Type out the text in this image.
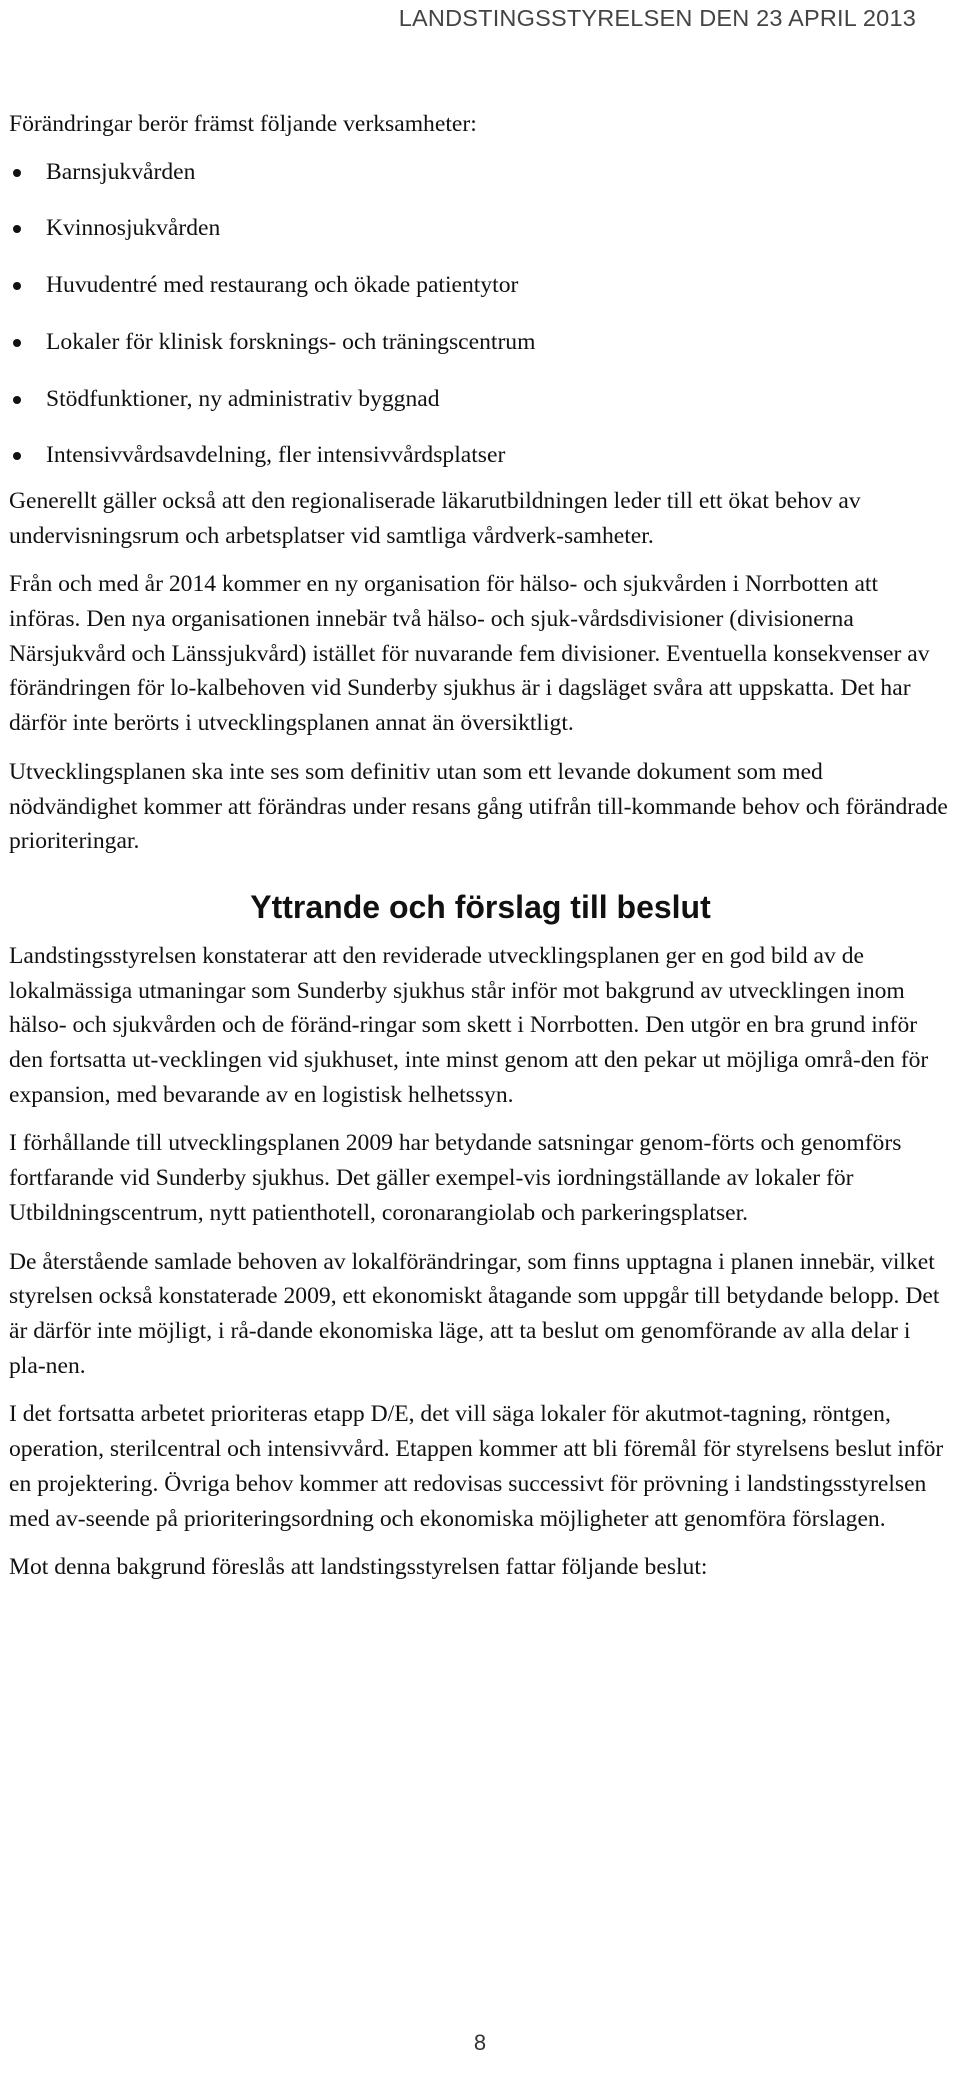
LANDSTINGSSTYRELSEN DEN 23 APRIL 2013

Förändringar berör främst följande verksamheter:

Barnsjukvården
Kvinnosjukvården
Huvudentré med restaurang och ökade patientytor
Lokaler för klinisk forsknings- och träningscentrum
Stödfunktioner, ny administrativ byggnad
Intensivvårdsavdelning, fler intensivvårdsplatser

Generellt gäller också att den regionaliserade läkarutbildningen leder till ett ökat behov av undervisningsrum och arbetsplatser vid samtliga vårdverk-samheter.

Från och med år 2014 kommer en ny organisation för hälso- och sjukvården i Norrbotten att införas. Den nya organisationen innebär två hälso- och sjuk-vårdsdivisioner (divisionerna Närsjukvård och Länssjukvård) istället för nuvarande fem divisioner. Eventuella konsekvenser av förändringen för lo-kalbehoven vid Sunderby sjukhus är i dagsläget svåra att uppskatta. Det har därför inte berörts i utvecklingsplanen annat än översiktligt.

Utvecklingsplanen ska inte ses som definitiv utan som ett levande dokument som med nödvändighet kommer att förändras under resans gång utifrån till-kommande behov och förändrade prioriteringar.

Yttrande och förslag till beslut

Landstingsstyrelsen konstaterar att den reviderade utvecklingsplanen ger en god bild av de lokalmässiga utmaningar som Sunderby sjukhus står inför mot bakgrund av utvecklingen inom hälso- och sjukvården och de föränd-ringar som skett i Norrbotten. Den utgör en bra grund inför den fortsatta ut-vecklingen vid sjukhuset, inte minst genom att den pekar ut möjliga områ-den för expansion, med bevarande av en logistisk helhetssyn.

I förhållande till utvecklingsplanen 2009 har betydande satsningar genom-förts och genomförs fortfarande vid Sunderby sjukhus. Det gäller exempel-vis iordningställande av lokaler för Utbildningscentrum, nytt patienthotell, coronarangiolab och parkeringsplatser.

De återstående samlade behoven av lokalförändringar, som finns upptagna i planen innebär, vilket styrelsen också konstaterade 2009, ett ekonomiskt åtagande som uppgår till betydande belopp. Det är därför inte möjligt, i rå-dande ekonomiska läge, att ta beslut om genomförande av alla delar i pla-nen.

I det fortsatta arbetet prioriteras etapp D/E, det vill säga lokaler för akutmot-tagning, röntgen, operation, sterilcentral och intensivvård. Etappen kommer att bli föremål för styrelsens beslut inför en projektering. Övriga behov kommer att redovisas successivt för prövning i landstingsstyrelsen med av-seende på prioriteringsordning och ekonomiska möjligheter att genomföra förslagen.

Mot denna bakgrund föreslås att landstingsstyrelsen fattar följande beslut:

8
